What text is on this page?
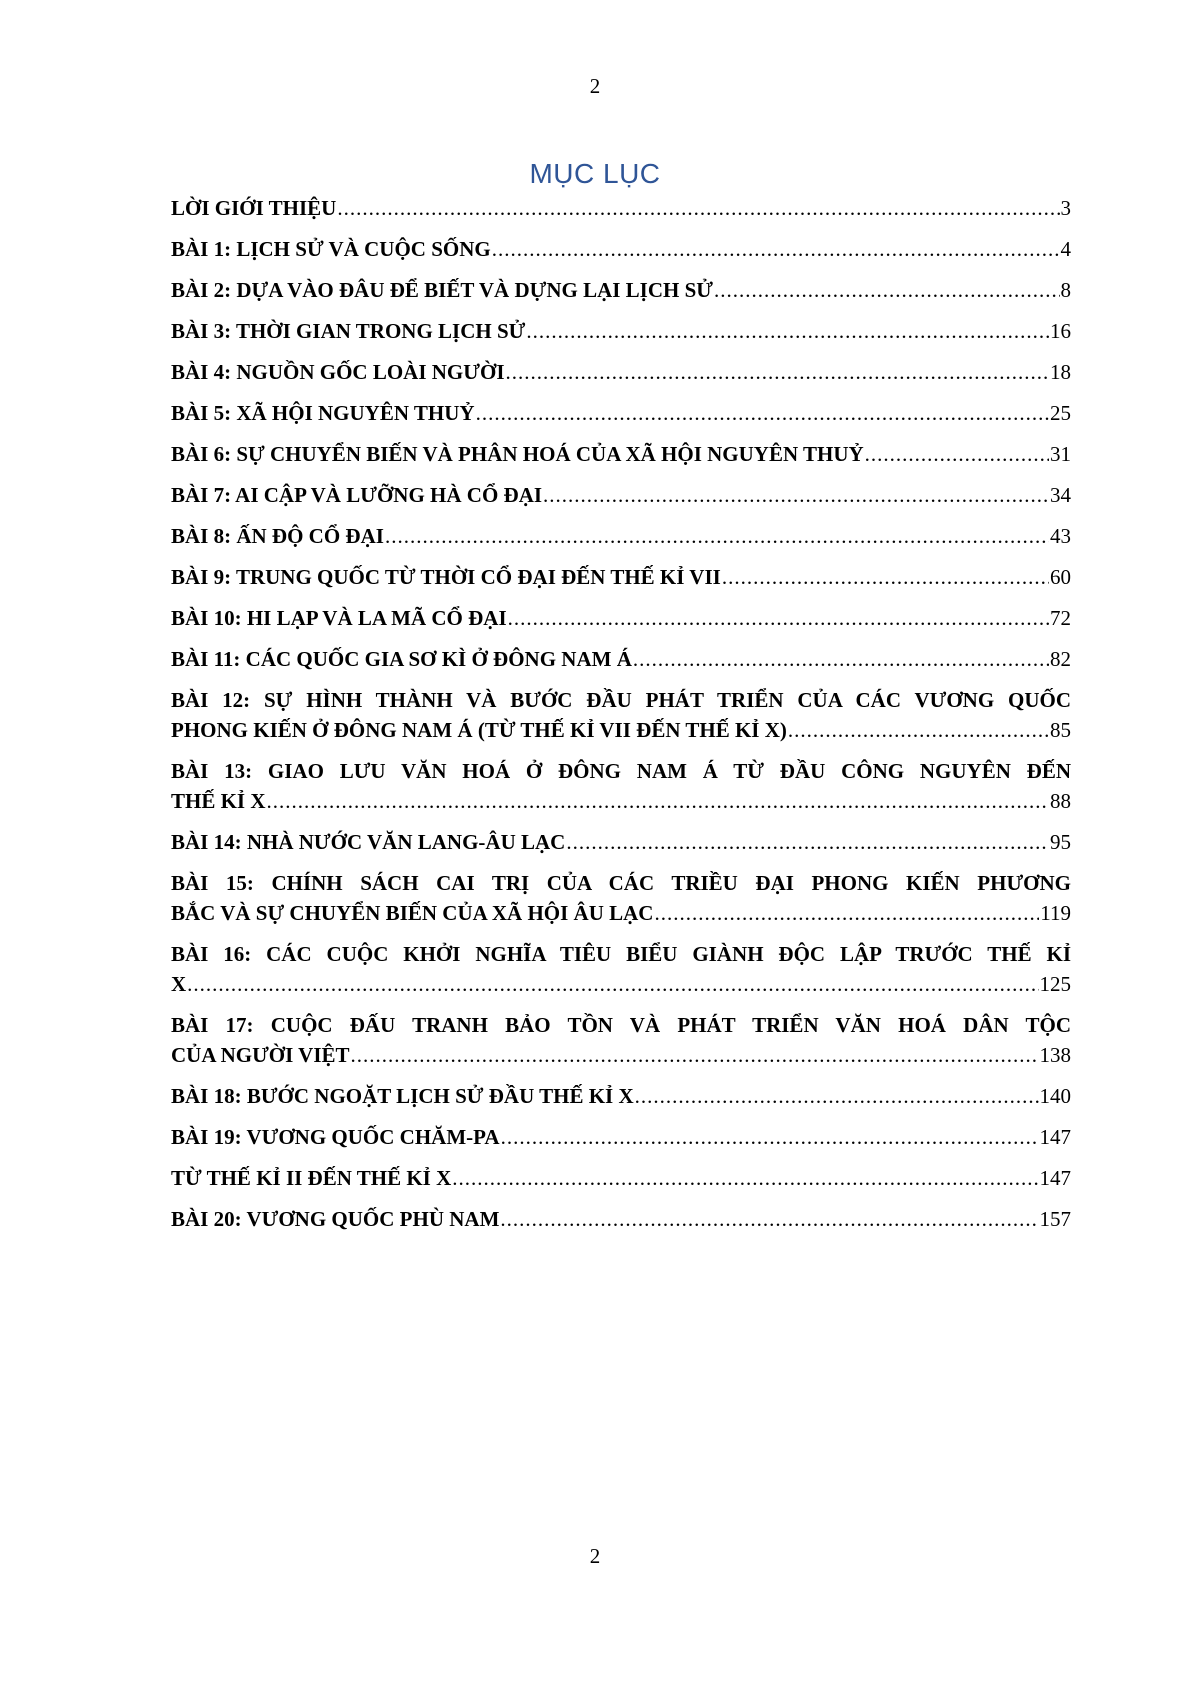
2
MỤC LỤC
LỜI GIỚI THIỆU .....	3
BÀI 1: LỊCH SỬ VÀ CUỘC SỐNG .....	4
BÀI 2: DỰA VÀO ĐÂU ĐỂ BIẾT VÀ DỰNG LẠI LỊCH SỬ .....	8
BÀI 3: THỜI GIAN TRONG LỊCH SỬ .....	16
BÀI 4: NGUỒN GỐC LOÀI NGƯỜI .....	18
BÀI 5: XÃ HỘI NGUYÊN THUỶ .....	25
BÀI 6: SỰ CHUYỂN BIẾN VÀ PHÂN HOÁ CỦA XÃ HỘI NGUYÊN THUỶ .....	31
BÀI 7: AI CẬP VÀ LƯỠNG HÀ CỔ ĐẠI .....	34
BÀI 8: ẤN ĐỘ CỔ ĐẠI .....	43
BÀI 9: TRUNG QUỐC TỪ THỜI CỔ ĐẠI ĐẾN THẾ KỈ VII .....	60
BÀI 10: HI LẠP VÀ LA MÃ CỔ ĐẠI .....	72
BÀI 11: CÁC QUỐC GIA SƠ KÌ Ở ĐÔNG NAM Á .....	82
BÀI 12: SỰ HÌNH THÀNH VÀ BƯỚC ĐẦU PHÁT TRIỂN CỦA CÁC VƯƠNG QUỐC
PHONG KIẾN Ở ĐÔNG NAM Á (TỪ THẾ KỈ VII ĐẾN THẾ KỈ X) .....	85
BÀI 13: GIAO LƯU VĂN HOÁ Ở ĐÔNG NAM Á TỪ ĐẦU CÔNG NGUYÊN ĐẾN
THẾ KỈ X .....	88
BÀI 14: NHÀ NƯỚC VĂN LANG-ÂU LẠC .....	95
BÀI 15: CHÍNH SÁCH CAI TRỊ CỦA CÁC TRIỀU ĐẠI PHONG KIẾN PHƯƠNG
BẮC VÀ SỰ CHUYỂN BIẾN CỦA XÃ HỘI ÂU LẠC .....	119
BÀI 16: CÁC CUỘC KHỞI NGHĨA TIÊU BIỂU GIÀNH ĐỘC LẬP TRƯỚC THẾ KỈ
X .....	125
BÀI 17: CUỘC ĐẤU TRANH BẢO TỒN VÀ PHÁT TRIỂN VĂN HOÁ DÂN TỘC
CỦA NGƯỜI VIỆT .....	138
BÀI 18: BƯỚC NGOẶT LỊCH SỬ ĐẦU THẾ KỈ X .....	140
BÀI 19: VƯƠNG QUỐC CHĂM-PA .....	147
TỪ THẾ KỈ II ĐẾN THẾ KỈ X .....	147
BÀI 20: VƯƠNG QUỐC PHÙ NAM .....	157
2
